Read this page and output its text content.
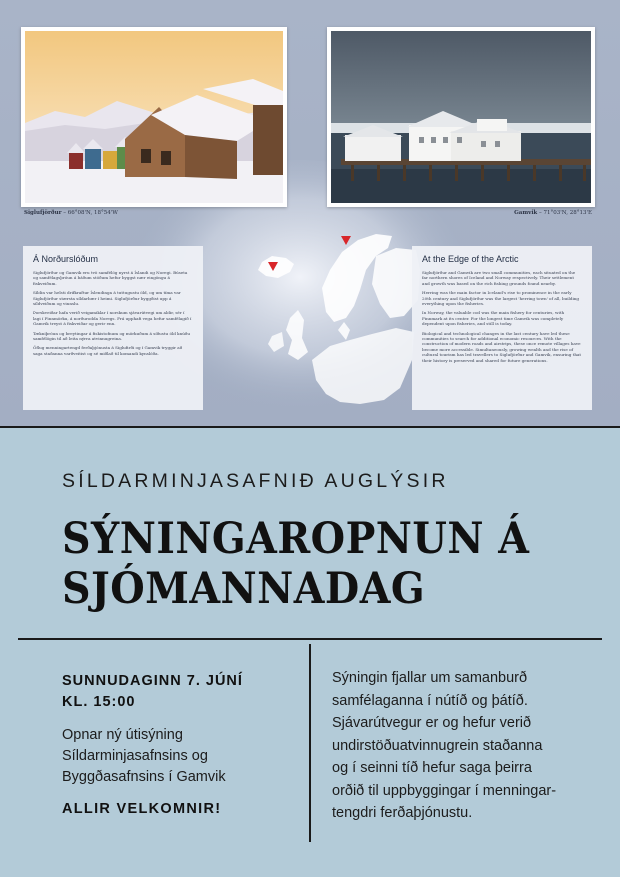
Siglufjörður – 66°08'N, 18°54'W	Gamvik – 71°03'N, 28°13'E

Á Norðurslóðum

Siglufjörður og Gamvik eru tvö samfélög nyrst á Íslandi og Noregi. Búseta og samfélagsþróun á báðum stöðum hefur byggst nær eingöngu á fiskveiðum.

Síldin var helsti drifkraftur Íslendinga á tuttugustu öld, og um tíma var Siglufjörður stærsta síldarbær í heimi. Siglufjörður byggðist upp á síldveiðum og vinnslu.

Þorskveiðar hafa verið veigamiklar í norskum sjávarútvegi um aldir, sér í lagi í Finnmörku, á norðurodda Noregs. Frá upphafi vega hefur samfélagið í Gamvik treyst á fiskveiðar og gerir enn.

Tækniþróun og breytingar á fiskistofnum og mörkuðum á síðustu öld knúðu samfélögin til að leita nýrra atvinnugreina.

Öflug menningartengd ferðaþjónusta á Siglufirði og í Gamvik tryggir að saga staðanna varðveitist og sé miðlað til komandi kynslóða.

At the Edge of the Arctic

Siglufjörður and Gamvik are two small communities, each situated on the far northern shores of Iceland and Norway respectively. Their settlement and growth was based on the rich fishing grounds found nearby.

Herring was the main factor in Iceland's rise to prominence in the early 20th century and Siglufjörður was the largest 'herring town' of all, building everything upon the fisheries.

In Norway, the valuable cod was the main fishery for centuries, with Finnmark at its center. For the longest time Gamvik was completely dependent upon fisheries, and still is today.

Biological and technological changes in the last century have led these communities to search for additional economic resources. With the construction of modern roads and airstrips, these once remote villages have become more accessible. Simultaneously, growing wealth and the rise of cultural tourism has led travellers to Siglufjörður and Gamvik, ensuring that their history is preserved and shared for future generations.

SÍLDARMINJASAFNIÐ AUGLÝSIR
SÝNINGAROPNUN Á
SJÓMANNADAG
SUNNUDAGINN 7. JÚNÍ
KL. 15:00
Opnar ný útisýning
Síldarminjasafnsins og
Byggðasafnsins í Gamvik
ALLIR VELKOMNIR!
Sýningin fjallar um samanburð
samfélaganna í nútíð og þátíð.
Sjávarútvegur er og hefur verið
undirstöðuatvinnugrein staðanna
og í seinni tíð hefur saga þeirra
orðið til uppbyggingar í menningar-
tengdri ferðaþjónustu.
